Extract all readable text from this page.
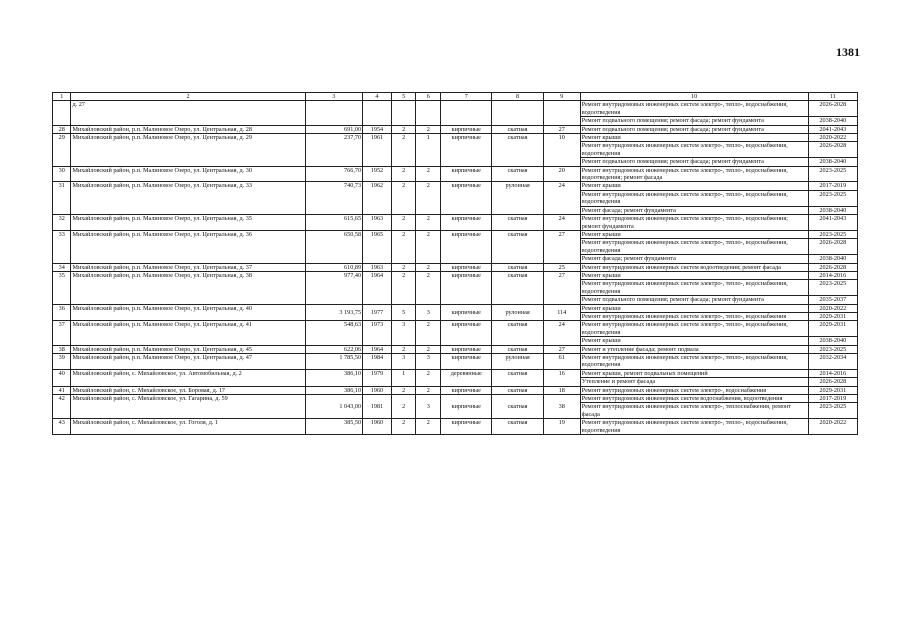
1381
1	2	3	4	5	6	7	8	9	10	11
	д. 27								Ремонт внутридомовых инженерных систем электро-, тепло-, водоснабжения, водоотведения	2026-2028
									Ремонт подвального помещения; ремонт фасада; ремонт фундамента	2038-2040
28	Михайловский район, р.п. Малиновое Озеро, ул. Центральная, д. 28	691,00	1954	2	2	кирпичные	скатная	27	Ремонт подвального помещения; ремонт фасада; ремонт фундамента	2041-2043
29	Михайловский район, р.п. Малиновое Озеро, ул. Центральная, д. 29	237,70	1961	2	1	кирпичные	скатная	10	Ремонт крыши	2020-2022
									Ремонт внутридомовых инженерных систем электро-, тепло-, водоснабжения, водоотведения	2026-2028
									Ремонт подвального помещения; ремонт фасада; ремонт фундамента	2038-2040
30	Михайловский район, р.п. Малиновое Озеро, ул. Центральная, д. 30	766,70	1952	2	2	кирпичные	скатная	20	Ремонт внутридомовых инженерных систем электро-, тепло-, водоснабжения, водоотведения; ремонт фасада	2023-2025
31	Михайловский район, р.п. Малиновое Озеро, ул. Центральная, д. 33	740,73	1962	2	2	кирпичные	рулонная	24	Ремонт крыши	2017-2019
									Ремонт внутридомовых инженерных систем электро-, тепло-, водоснабжения, водоотведения	2023-2025
									Ремонт фасада; ремонт фундамента	2038-2040
32	Михайловский район, р.п. Малиновое Озеро, ул. Центральная, д. 35	615,65	1963	2	2	кирпичные	скатная	24	Ремонт внутридомовых инженерных систем электро-, тепло-, водоснабжения; ремонт фундамента	2041-2043
33	Михайловский район, р.п. Малиновое Озеро, ул. Центральная, д. 36	650,58	1965	2	2	кирпичные	скатная	27	Ремонт крыши	2023-2025
									Ремонт внутридомовых инженерных систем электро-, тепло-, водоснабжения, водоотведения	2026-2028
									Ремонт фасада; ремонт фундамента	2038-2040
34	Михайловский район, р.п. Малиновое Озеро, ул. Центральная, д. 37	610,89	1963	2	2	кирпичные	скатная	25	Ремонт внутридомовых инженерных систем водоотведения; ремонт фасада	2026-2028
35	Михайловский район, р.п. Малиновое Озеро, ул. Центральная, д. 38	977,40	1964	2	2	кирпичные	скатная	27	Ремонт крыши	2014-2016
									Ремонт внутридомовых инженерных систем электро-, тепло-, водоснабжения, водоотведения	2023-2025
									Ремонт подвального помещения; ремонт фасада; ремонт фундамента	2035-2037
36	Михайловский район, р.п. Малиновое Озеро, ул. Центральная, д. 40	3 193,75	1977	5	3	кирпичные	рулонная	114	Ремонт крыши	2020-2022
									Ремонт внутридомовых инженерных систем электро-, тепло-, водоснабжения	2029-2031
37	Михайловский район, р.п. Малиновое Озеро, ул. Центральная, д. 41	548,63	1973	3	2	кирпичные	скатная	24	Ремонт внутридомовых инженерных систем электро-, тепло-, водоснабжения, водоотведения	2029-2031
									Ремонт крыши	2038-2040
38	Михайловский район, р.п. Малиновое Озеро, ул. Центральная, д. 45	622,06	1964	2	2	кирпичные	скатная	27	Ремонт и утепление фасада; ремонт подвала	2023-2025
39	Михайловский район, р.п. Малиновое Озеро, ул. Центральная, д. 47	1 785,50	1984	3	3	кирпичные	рулонная	61	Ремонт внутридомовых инженерных систем электро-, тепло-, водоснабжения, водоотведения	2032-2034
40	Михайловский район, с. Михайловское, ул. Автомобильная, д. 2	386,10	1979	1	2	деревянные	скатная	16	Ремонт крыши, ремонт подвальных помещений	2014-2016
									Утепление и ремонт фасада	2026-2028
41	Михайловский район, с. Михайловское, ул. Боровая, д. 17	386,10	1960	2	2	кирпичные	скатная	18	Ремонт внутридомовых инженерных систем электро-, водоснабжения	2029-2031
42	Михайловский район, с. Михайловское, ул. Гагарина, д. 59	1 043,00	1981	2	3	кирпичные	скатная	38	Ремонт внутридомовых инженерных систем водоснабжения, водоотведения	2017-2019
									Ремонт внутридомовых инженерных систем электро-, теплоснабжения, ремонт фасада	2023-2025
43	Михайловский район, с. Михайловское, ул. Гоголя, д. 1	385,50	1960	2	2	кирпичные	скатная	19	Ремонт внутридомовых инженерных систем электро-, тепло-, водоснабжения, водоотведения	2020-2022
